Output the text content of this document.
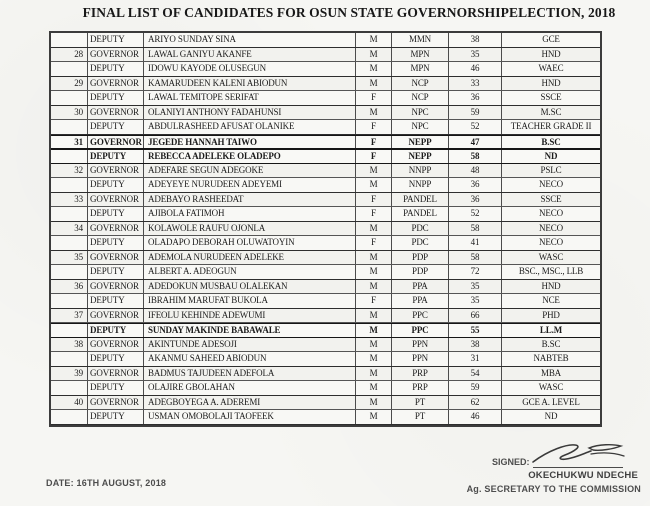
FINAL LIST OF CANDIDATES FOR OSUN STATE GOVERNORSHIPELECTION, 2018
DEPUTY	ARIYO SUNDAY SINA	M	MMN	38	GCE
28 GOVERNOR	LAWAL GANIYU AKANFE	M	MPN	35	HND
DEPUTY	IDOWU KAYODE OLUSEGUN	M	MPN	46	WAEC
29 GOVERNOR	KAMARUDEEN KALENI ABIODUN	M	NCP	33	HND
DEPUTY	LAWAL TEMITOPE SERIFAT	F	NCP	36	SSCE
30 GOVERNOR	OLANIYI ANTHONY FADAHUNSI	M	NPC	59	M.SC
DEPUTY	ABDULRASHEED AFUSAT OLANIKE	F	NPC	52	TEACHER GRADE II
31 GOVERNOR JEGEDE HANNAH TAIWO	F	NEPP	47	B.SC
DEPUTY	REBECCA ADELEKE OLADEPO	F	NEPP	58	ND
32 GOVERNOR	ADEFARE SEGUN ADEGOKE	M	NNPP	48	PSLC
DEPUTY	ADEYEYE NURUDEEN ADEYEMI	M	NNPP	36	NECO
33 GOVERNOR	ADEBAYO RASHEEDAT	F	PANDEL	36	SSCE
DEPUTY	AJIBOLA FATIMOH	F	PANDEL	52	NECO
34 GOVERNOR	KOLAWOLE RAUFU OJONLA	M	PDC	58	NECO
DEPUTY	OLADAPO DEBORAH OLUWATOYIN	F	PDC	41	NECO
35 GOVERNOR	ADEMOLA NURUDEEN ADELEKE	M	PDP	58	WASC
DEPUTY	ALBERT A. ADEOGUN	M	PDP	72	BSC., MSC., LLB
36 GOVERNOR	ADEDOKUN MUSBAU OLALEKAN	M	PPA	35	HND
DEPUTY	IBRAHIM MARUFAT BUKOLA	F	PPA	35	NCE
37 GOVERNOR	IFEOLU KEHINDE ADEWUMI	M	PPC	66	PHD
DEPUTY	SUNDAY MAKINDE BABAWALE	M	PPC	55	LL.M
38 GOVERNOR	AKINTUNDE ADESOJI	M	PPN	38	B.SC
DEPUTY	AKANMU SAHEED ABIODUN	M	PPN	31	NABTEB
39 GOVERNOR	BADMUS TAJUDEEN ADEFOLA	M	PRP	54	MBA
DEPUTY	OLAJIRE GBOLAHAN	M	PRP	59	WASC
40 GOVERNOR	ADEGBOYEGA A. ADEREMI	M	PT	62	GCE A. LEVEL
DEPUTY	USMAN OMOBOLAJI TAOFEEK	M	PT	46	ND
DATE: 16TH AUGUST, 2018
SIGNED:
OKECHUKWU NDECHE
Ag. SECRETARY TO THE COMMISSION
